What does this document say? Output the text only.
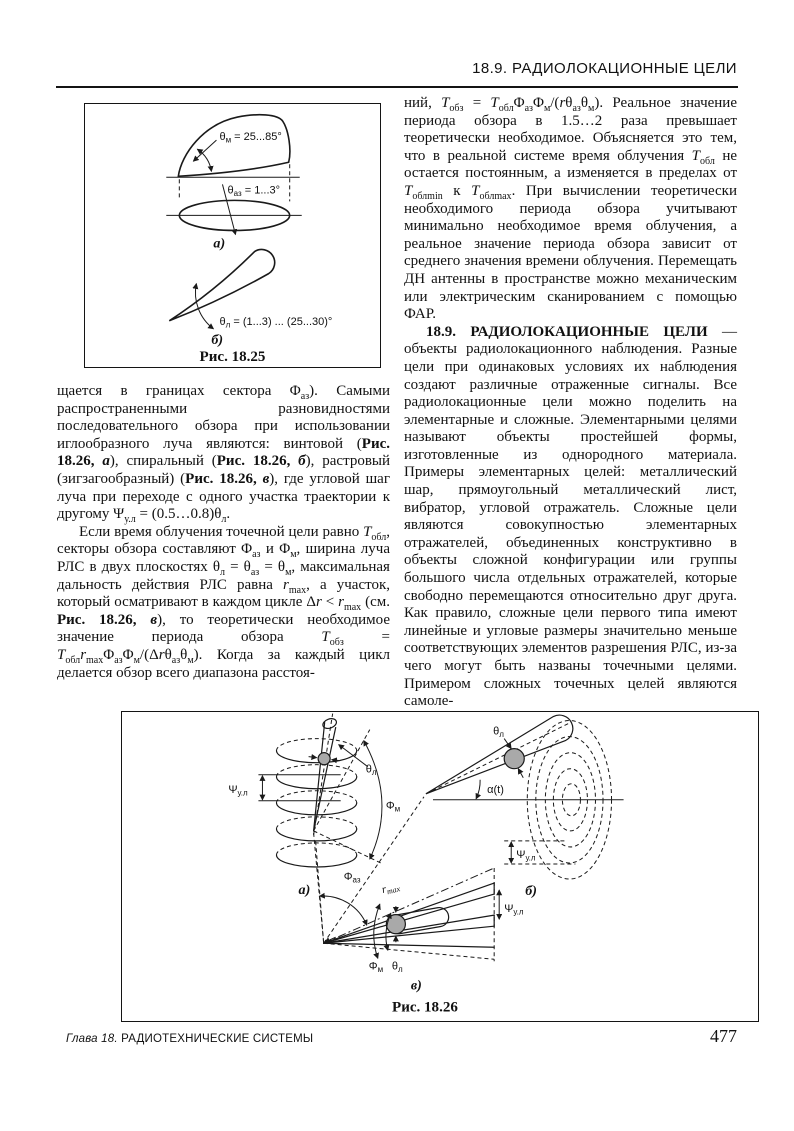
18.9. РАДИОЛОКАЦИОННЫЕ ЦЕЛИ
$\theta_м = 25...85^\circ$
$\theta_{аз} = 1...3^\circ$
а)
$\theta_л = (1...3)$ ... (25...30)°
б)
Рис. 18.25

щается в границах сектора $\Phi_{аз}$). Самыми распространенными разновидностями последовательного обзора при использовании иглообразного луча являются: винтовой (Рис. 18.26, а), спиральный (Рис. 18.26, б), растровый (зигзагообразный) (Рис. 18.26, в), где угловой шаг луча при переходе с одного участка траектории к другому $\Psi_{у.л}$ = $(0.5\dots 0.8)\theta_л$.

Если время облучения точечной цели равно $T_{обл}$, секторы обзора составляют $\Phi_{аз}$ и $\Phi_м$, ширина луча РЛС в двух плоскостях $\theta_л = \theta_{аз} = \theta_м$, максимальная дальность действия РЛС равна $r_{max}$, а участок, который осматривают в каждом цикле $\Delta r < r_{max}$ (см. Рис. 18.26, в), то теоретически необходимое значение периода обзора $T_{обз} = T_{обл}r_{max}\Phi_{аз}\Phi_м/(\Delta r\theta_{аз}\theta_м)$. Когда за каждый цикл делается обзор всего диапазона расстоя-

ний, $T_{обз} = T_{обл}\Phi_{аз}\Phi_м/(r\theta_{аз}\theta_м)$. Реальное значение периода обзора в 1.5…2 раза превышает теоретически необходимое. Объясняется это тем, что в реальной системе время облучения $T_{обл}$ не остается постоянным, а изменяется в пределах от $T_{облmin}$ к $T_{облmax}$. При вычислении теоретически необходимого периода обзора учитывают минимально необходимое время облучения, а реальное значение периода обзора зависит от среднего значения времени облучения. Перемещать ДН антенны в пространстве можно механическим или электрическим сканированием с помощью ФАР.

18.9. РАДИОЛОКАЦИОННЫЕ ЦЕЛИ — объекты радиолокационного наблюдения. Разные цели при одинаковых условиях их наблюдения создают различные отраженные сигналы. Все радиолокационные цели можно поделить на элементарные и сложные. Элементарными целями называют объекты простейшей формы, изготовленные из однородного материала. Примеры элементарных целей: металлический шар, прямоугольный металлический лист, вибратор, угловой отражатель. Сложные цели являются совокупностью элементарных отражателей, объединенных конструктивно в объекты сложной конфигурации или группы большого числа отдельных отражателей, которые свободно перемещаются относительно друг друга. Как правило, сложные цели первого типа имеют линейные и угловые размеры значительно меньше соответствующих элементов разрешения РЛС, из-за чего могут быть названы точечными целями. Примером сложных точечных целей являются самоле-

$\Psi_{у.л}$
$\theta_л$
$\Phi_м$
а)
$\theta_л$
α(t)
$\Psi_{у.л}$
б)
$\Phi_{аз}$
$r_{max}$
$\Psi_{у.л}$
$\Phi_м$ $\theta_л$
в)
Рис. 18.26
Глава 18. РАДИОТЕХНИЧЕСКИЕ СИСТЕМЫ	477
